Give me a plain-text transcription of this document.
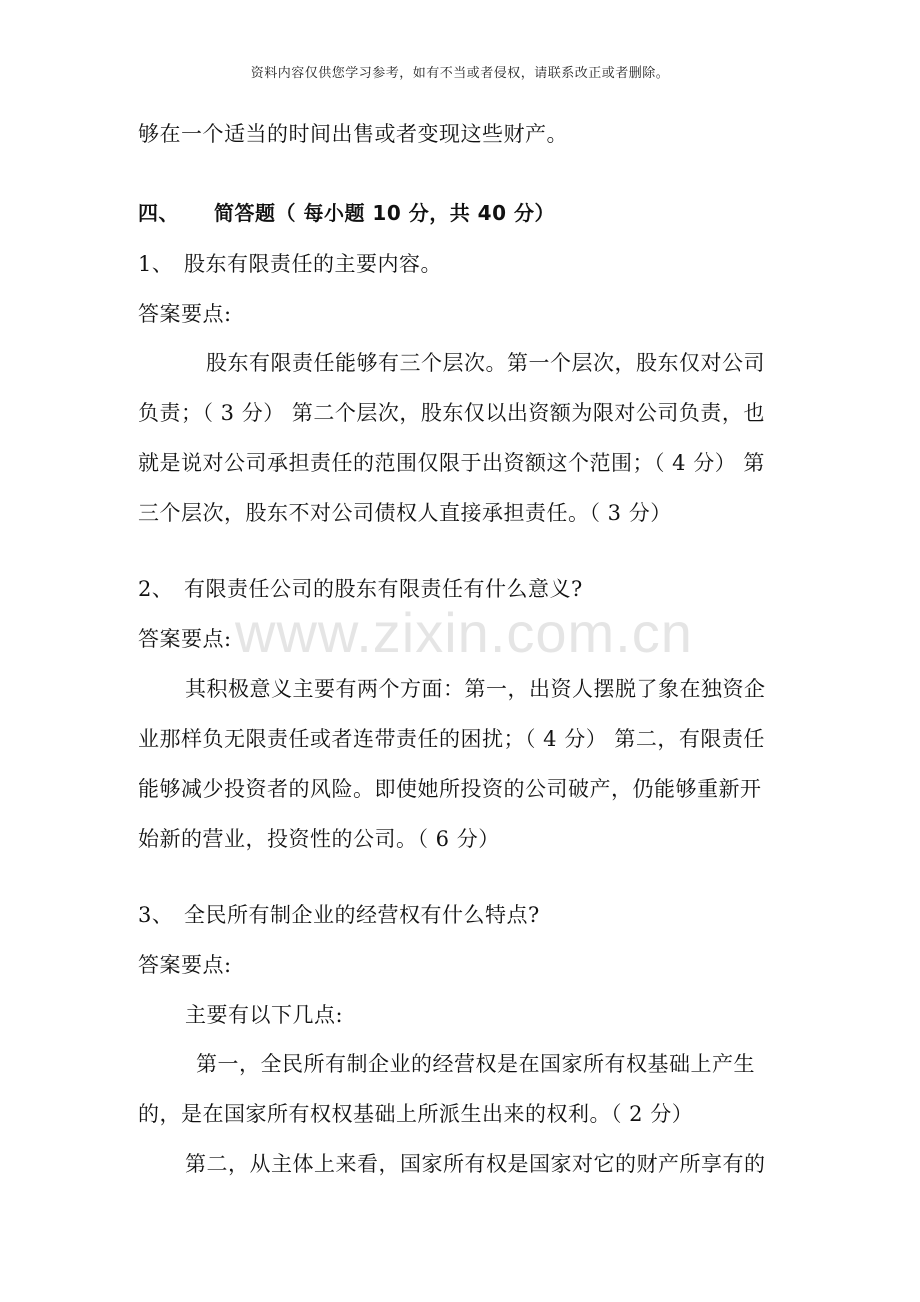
资料内容仅供您学习参考，如有不当或者侵权，请联系改正或者删除。
www.zixin.com.cn
够在一个适当的时间出售或者变现这些财产。
四、 简答题（ 每小题 10 分，共 40 分）
1、 股东有限责任的主要内容。
答案要点:
股东有限责任能够有三个层次。第一个层次，股东仅对公司
负责；（ 3 分） 第二个层次，股东仅以出资额为限对公司负责，也
就是说对公司承担责任的范围仅限于出资额这个范围；（ 4 分） 第
三个层次，股东不对公司债权人直接承担责任。（ 3 分）
2、 有限责任公司的股东有限责任有什么意义?
答案要点:
其积极意义主要有两个方面：第一，出资人摆脱了象在独资企
业那样负无限责任或者连带责任的困扰；（ 4 分） 第二，有限责任
能够减少投资者的风险。即使她所投资的公司破产，仍能够重新开
始新的营业，投资性的公司。（ 6 分）
3、 全民所有制企业的经营权有什么特点?
答案要点:
主要有以下几点:
第一，全民所有制企业的经营权是在国家所有权基础上产生
的，是在国家所有权权基础上所派生出来的权利。（ 2 分）
第二，从主体上来看，国家所有权是国家对它的财产所享有的
